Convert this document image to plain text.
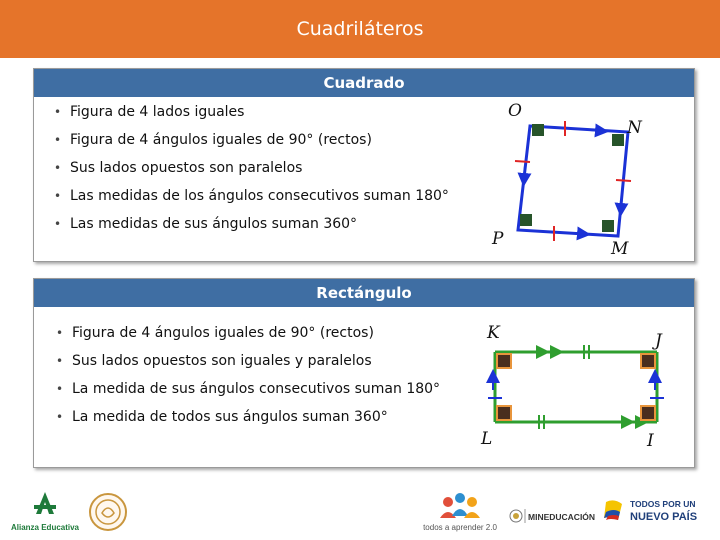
Cuadriláteros
Cuadrado
• Figura de 4 lados iguales
• Figura de 4 ángulos iguales de 90° (rectos)
• Sus lados opuestos son paralelos
• Las medidas de los ángulos consecutivos suman 180°
• Las medidas de sus ángulos suman 360°
O
N
M
P
Rectángulo
• Figura de 4 ángulos iguales de 90° (rectos)
• Sus lados opuestos son iguales y paralelos
• La medida de sus ángulos consecutivos suman 180°
• La medida de todos sus ángulos suman 360°
K	J
I
L
Alianza Educativa	todos a aprender 2.0
MINEDUCACIÓN
TODOS POR UN
NUEVO PAÍS
